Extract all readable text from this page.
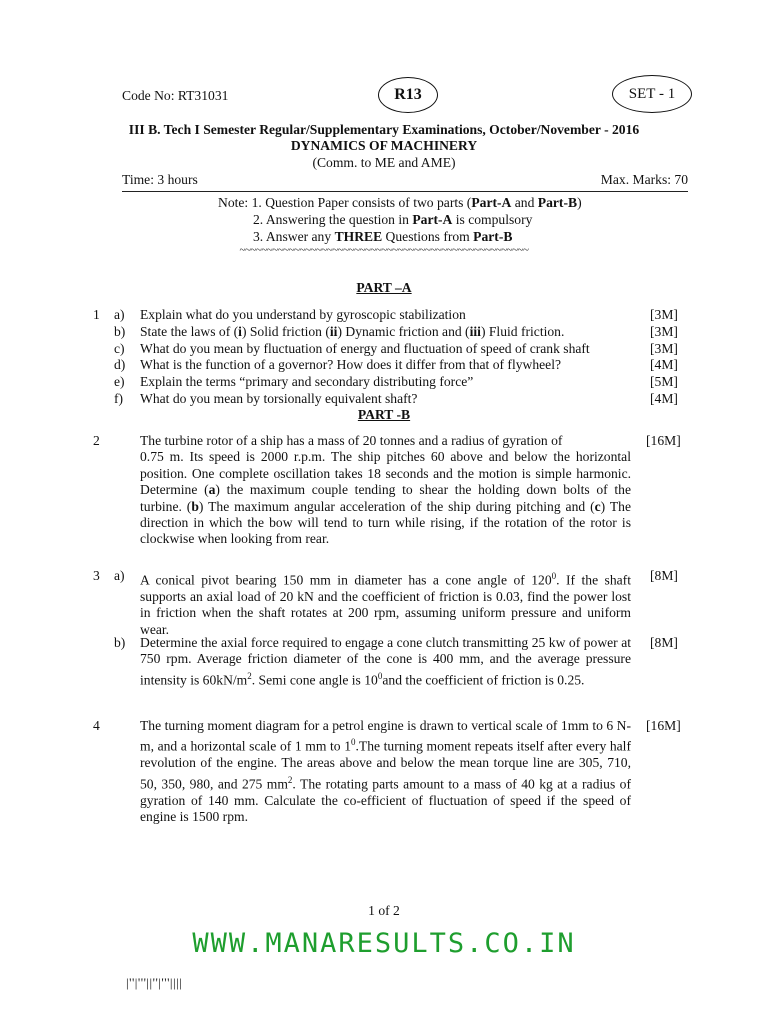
Code No: RT31031	R13	SET - 1
III B. Tech I Semester Regular/Supplementary Examinations, October/November - 2016
DYNAMICS OF MACHINERY
(Comm. to ME and AME)
Time: 3 hours	Max. Marks: 70
Note: 1. Question Paper consists of two parts (Part-A and Part-B)
2. Answering the question in Part-A is compulsory
3. Answer any THREE Questions from Part-B
~~~~~~~~~~~~~~~~~~~~~~~~~~~~~~~~~~~~~~~~~~~~~~~~~~~~~
PART –A
1 a) Explain what do you understand by gyroscopic stabilization	[3M]
b) State the laws of (i) Solid friction (ii) Dynamic friction and (iii) Fluid friction.	[3M]
c) What do you mean by fluctuation of energy and fluctuation of speed of crank shaft	[3M]
d) What is the function of a governor? How does it differ from that of flywheel?	[4M]
e) Explain the terms “primary and secondary distributing force”	[5M]
f) What do you mean by torsionally equivalent shaft?	[4M]
PART -B
2	The turbine rotor of a ship has a mass of 20 tonnes and a radius of gyration of	[16M]
0.75 m. Its speed is 2000 r.p.m. The ship pitches 60 above and below the horizontal position. One complete oscillation takes 18 seconds and the motion is simple harmonic. Determine (a) the maximum couple tending to shear the holding down bolts of the turbine. (b) The maximum angular acceleration of the ship during pitching and (c) The direction in which the bow will tend to turn while rising, if the rotation of the rotor is clockwise when looking from rear.
3 a) A conical pivot bearing 150 mm in diameter has a cone angle of $120^0$. If the shaft supports an axial load of 20 kN and the coefficient of friction is 0.03, find the power lost in friction when the shaft rotates at 200 rpm, assuming uniform pressure and uniform wear.
[8M]
b) Determine the axial force required to engage a cone clutch transmitting 25 kw of power at 750 rpm. Average friction diameter of the cone is 400 mm, and the average pressure intensity is $60kN/m^2$. Semi cone angle is $10^0and$ the coefficient of friction is 0.25.
[8M]
4	The turning moment diagram for a petrol engine is drawn to vertical scale of 1mm to 6 N-m, and a horizontal scale of 1 mm to $1^0.The$ turning moment repeats itself after every half revolution of the engine. The areas above and below the mean torque line are 305, 710, 50, 350, 980, and 275 $mm^2$. The rotating parts amount to a mass of 40 kg at a radius of gyration of 140 mm. Calculate the co-efficient of fluctuation of speed if the speed of engine is 1500 rpm.
[16M]
1 of 2
WWW.MANARESULTS.CO.IN
|''|'''||''|'''||||
